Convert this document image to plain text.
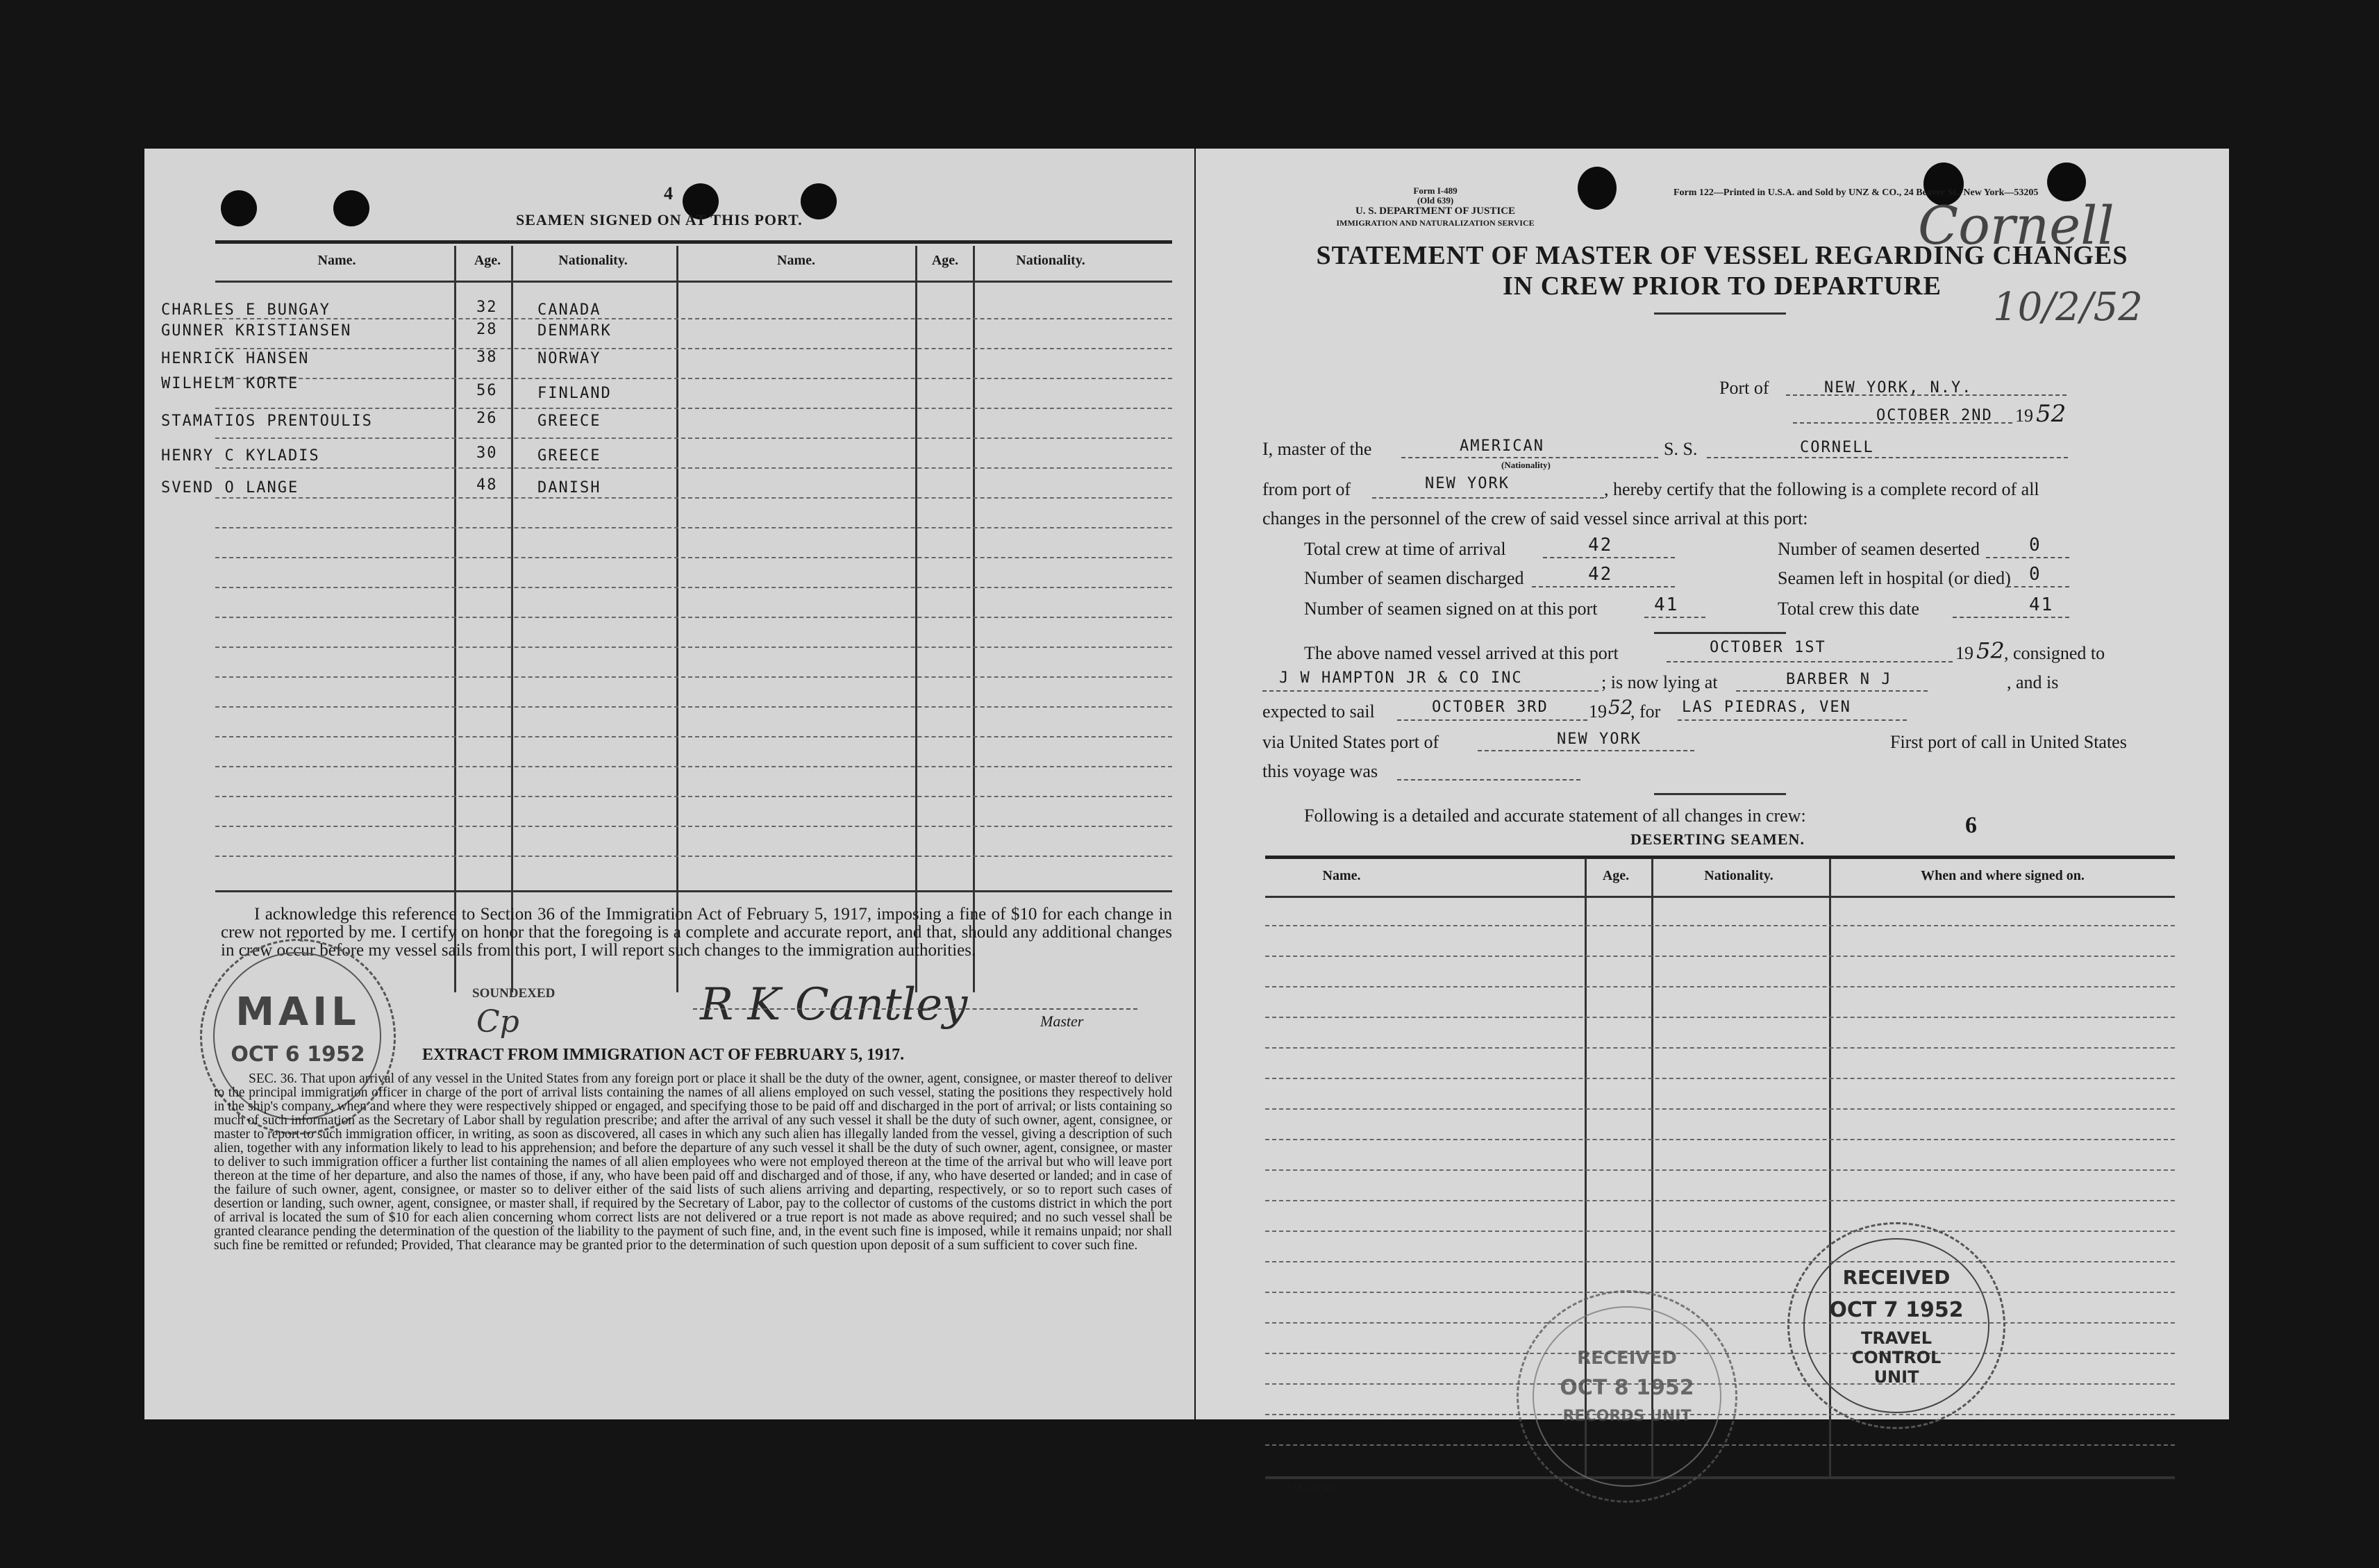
4
SEAMEN SIGNED ON AT THIS PORT.
Name.	Age.	Nationality.	Name.	Age.	Nationality.
CHARLES E BUNGAY	32	CANADA
GUNNER KRISTIANSEN	28	DENMARK
HENRICK HANSEN	38	NORWAY
WILHELM KORTE	56	FINLAND
STAMATIOS PRENTOULIS	26	GREECE
HENRY C KYLADIS	30	GREECE
SVEND O LANGE	48	DANISH
I acknowledge this reference to Section 36 of the Immigration Act of February 5, 1917, imposing a fine of $10 for each change in crew not reported by me. I certify on honor that the foregoing is a complete and accurate report, and that, should any additional changes in crew occur before my vessel sails from this port, I will report such changes to the immigration authorities.
SOUNDEXED
Cp	R K Cantley	Master
MAIL
OCT 6 1952	EXTRACT FROM IMMIGRATION ACT OF FEBRUARY 5, 1917.
SEC. 36. That upon arrival of any vessel in the United States from any foreign port or place it shall be the duty of the owner, agent, consignee, or master thereof to deliver to the principal immigration officer in charge of the port of arrival lists containing the names of all aliens employed on such vessel, stating the positions they respectively hold in the ship's company, when and where they were respectively shipped or engaged, and specifying those to be paid off and discharged in the port of arrival; or lists containing so much of such information as the Secretary of Labor shall by regulation prescribe; and after the arrival of any such vessel it shall be the duty of such owner, agent, consignee, or master to report to such immigration officer, in writing, as soon as discovered, all cases in which any such alien has illegally landed from the vessel, giving a description of such alien, together with any information likely to lead to his apprehension; and before the departure of any such vessel it shall be the duty of such owner, agent, consignee, or master to deliver to such immigration officer a further list containing the names of all alien employees who were not employed thereon at the time of the arrival but who will leave port thereon at the time of her departure, and also the names of those, if any, who have been paid off and discharged and of those, if any, who have deserted or landed; and in case of the failure of such owner, agent, consignee, or master so to deliver either of the said lists of such aliens arriving and departing, respectively, or so to report such cases of desertion or landing, such owner, agent, consignee, or master shall, if required by the Secretary of Labor, pay to the collector of customs of the customs district in which the port of arrival is located the sum of $10 for each alien concerning whom correct lists are not delivered or a true report is not made as above required; and no such vessel shall be granted clearance pending the determination of the question of the liability to the payment of such fine, and, in the event such fine is imposed, while it remains unpaid; nor shall such fine be remitted or refunded; Provided, That clearance may be granted prior to the determination of such question upon deposit of a sum sufficient to cover such fine.
Form I-489
(Old 639)
U. S. DEPARTMENT OF JUSTICE
IMMIGRATION AND NATURALIZATION SERVICE
Form 122—Printed in U.S.A. and Sold by UNZ & CO., 24 Beaver St., New York—53205
Cornell
10/2/52
STATEMENT OF MASTER OF VESSEL REGARDING CHANGES
IN CREW PRIOR TO DEPARTURE
Port of	NEW YORK, N.Y.
OCTOBER 2ND 19 52
I, master of the	AMERICAN
(Nationality)
S. S.	CORNELL
from port of	NEW YORK	, hereby certify that the following is a complete record of all
changes in the personnel of the crew of said vessel since arrival at this port:
Total crew at time of arrival	42
Number of seamen discharged	42
Number of seamen signed on at this port	41
Number of seamen deserted	0
Seamen left in hospital (or died) 0
Total crew this date	41
The above named vessel arrived at this port	OCTOBER 1ST	19 52 , consigned to
J W HAMPTON JR & CO INC	; is now lying at	BARBER N J	, and is
expected to sail	OCTOBER 3RD 19 52
, for LAS PIEDRAS, VEN
via United States port of	NEW YORK	First port of call in United States
this voyage was
Following is a detailed and accurate statement of all changes in crew:	6
DESERTING SEAMEN.
Name.	Age.	Nationality.	When and where signed on.
16—17387
RECEIVED
OCT 8 1952
RECORDS UNIT
RECEIVED
OCT 7 1952
TRAVEL CONTROL UNIT
